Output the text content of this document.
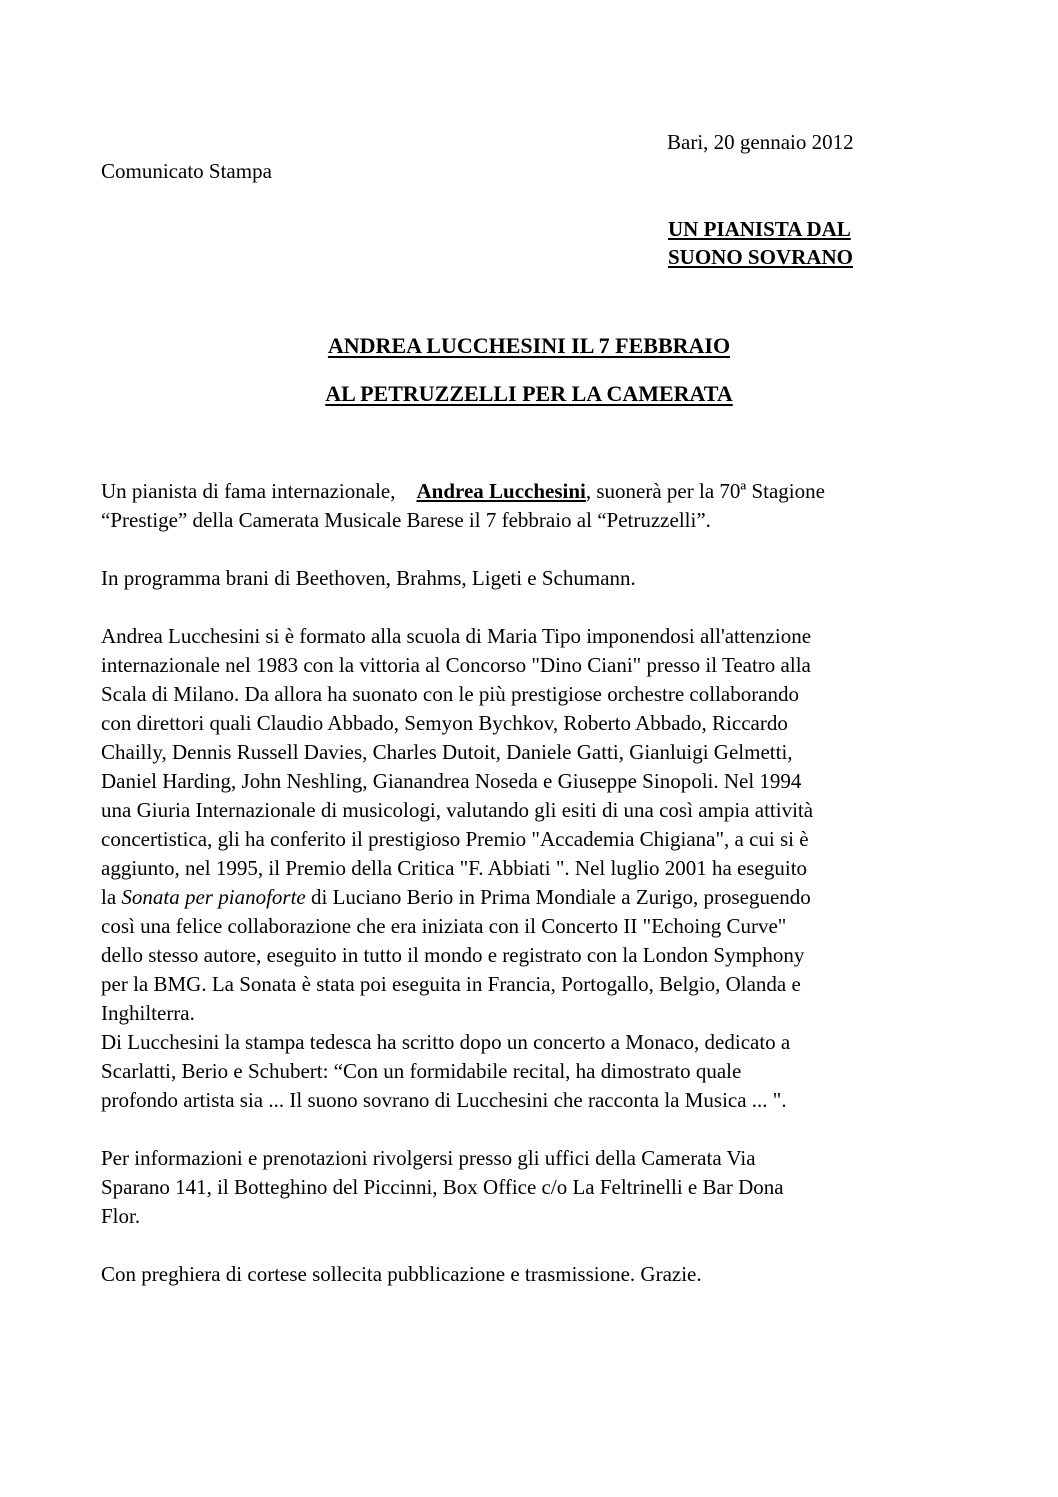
Bari, 20 gennaio 2012
Comunicato Stampa
UN PIANISTA DAL
SUONO SOVRANO
ANDREA LUCCHESINI IL 7 FEBBRAIO
AL PETRUZZELLI PER LA CAMERATA

Un pianista di fama internazionale, Andrea Lucchesini, suonerà per la 70ª Stagione
“Prestige” della Camerata Musicale Barese il 7 febbraio al “Petruzzelli”.

In programma brani di Beethoven, Brahms, Ligeti e Schumann.

Andrea Lucchesini si è formato alla scuola di Maria Tipo imponendosi all'attenzione
internazionale nel 1983 con la vittoria al Concorso "Dino Ciani" presso il Teatro alla
Scala di Milano. Da allora ha suonato con le più prestigiose orchestre collaborando
con direttori quali Claudio Abbado, Semyon Bychkov, Roberto Abbado, Riccardo
Chailly, Dennis Russell Davies, Charles Dutoit, Daniele Gatti, Gianluigi Gelmetti,
Daniel Harding, John Neshling, Gianandrea Noseda e Giuseppe Sinopoli. Nel 1994
una Giuria Internazionale di musicologi, valutando gli esiti di una così ampia attività
concertistica, gli ha conferito il prestigioso Premio "Accademia Chigiana", a cui si è
aggiunto, nel 1995, il Premio della Critica "F. Abbiati ". Nel luglio 2001 ha eseguito
la Sonata per pianoforte di Luciano Berio in Prima Mondiale a Zurigo, proseguendo
così una felice collaborazione che era iniziata con il Concerto II "Echoing Curve"
dello stesso autore, eseguito in tutto il mondo e registrato con la London Symphony
per la BMG. La Sonata è stata poi eseguita in Francia, Portogallo, Belgio, Olanda e
Inghilterra.
Di Lucchesini la stampa tedesca ha scritto dopo un concerto a Monaco, dedicato a
Scarlatti, Berio e Schubert: “Con un formidabile recital, ha dimostrato quale
profondo artista sia ... Il suono sovrano di Lucchesini che racconta la Musica ... ".

Per informazioni e prenotazioni rivolgersi presso gli uffici della Camerata Via
Sparano 141, il Botteghino del Piccinni, Box Office c/o La Feltrinelli e Bar Dona
Flor.

Con preghiera di cortese sollecita pubblicazione e trasmissione. Grazie.
